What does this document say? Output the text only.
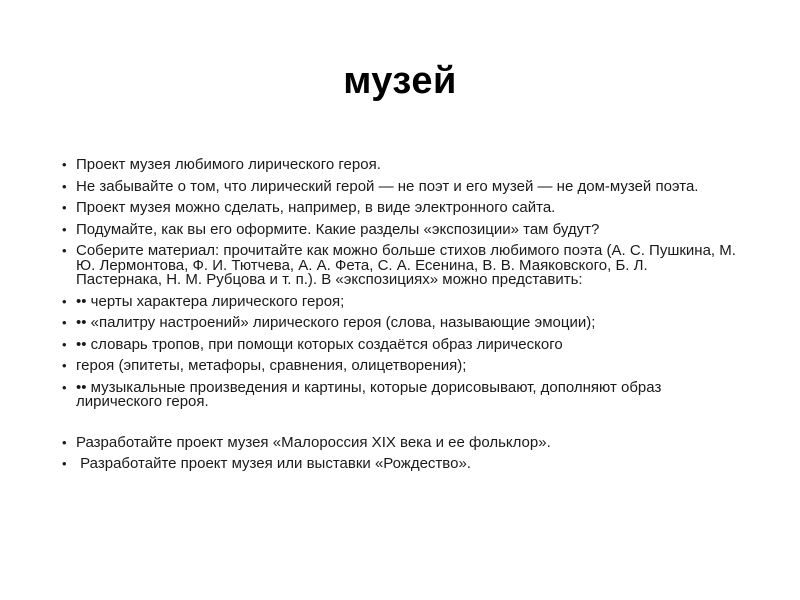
музей
• Проект музея любимого лирического героя.
• Не забывайте о том, что лирический герой — не поэт и его музей — не дом-музей поэта.
• Проект музея можно сделать, например, в виде электронного сайта.
• Подумайте, как вы его оформите. Какие разделы «экспозиции» там будут?
• Соберите материал: прочитайте как можно больше стихов любимого поэта (А. С. Пушкина, М. Ю. Лермонтова, Ф. И. Тютчева, А. А. Фета, С. А. Есенина, В. В. Маяковского, Б. Л. Пастернака, Н. М. Рубцова и т. п.). В «экспозициях» можно представить:
• •• черты характера лирического героя;
• •• «палитру настроений» лирического героя (слова, называющие эмоции);
• •• словарь тропов, при помощи которых создаётся образ лирического
• героя (эпитеты, метафоры, сравнения, олицетворения);
• •• музыкальные произведения и картины, которые дорисовывают, дополняют образ лирического героя.
• Разработайте проект музея «Малороссия XIX века и ее фольклор».
• Разработайте проект музея или выставки «Рождество».
